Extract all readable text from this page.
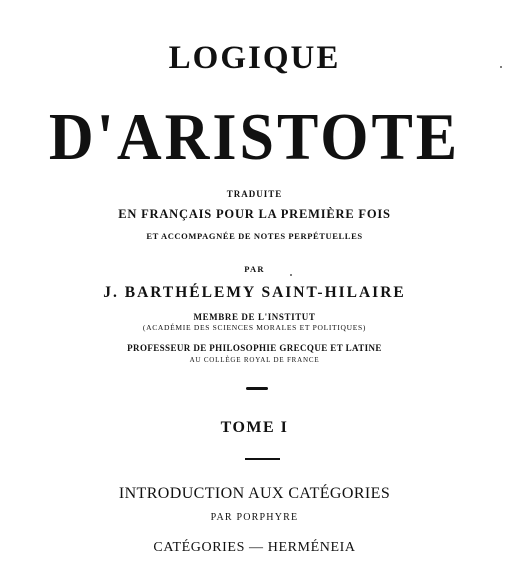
LOGIQUE

D'ARISTOTE

TRADUITE

EN FRANÇAIS POUR LA PREMIÈRE FOIS

ET ACCOMPAGNÉE DE NOTES PERPÉTUELLES

PAR

J. BARTHÉLEMY SAINT-HILAIRE

MEMBRE DE L'INSTITUT

(ACADÉMIE DES SCIENCES MORALES ET POLITIQUES)

PROFESSEUR DE PHILOSOPHIE GRECQUE ET LATINE

AU COLLÈGE ROYAL DE FRANCE

TOME I

INTRODUCTION AUX CATÉGORIES

PAR PORPHYRE

CATÉGORIES — HERMÉNEIA
